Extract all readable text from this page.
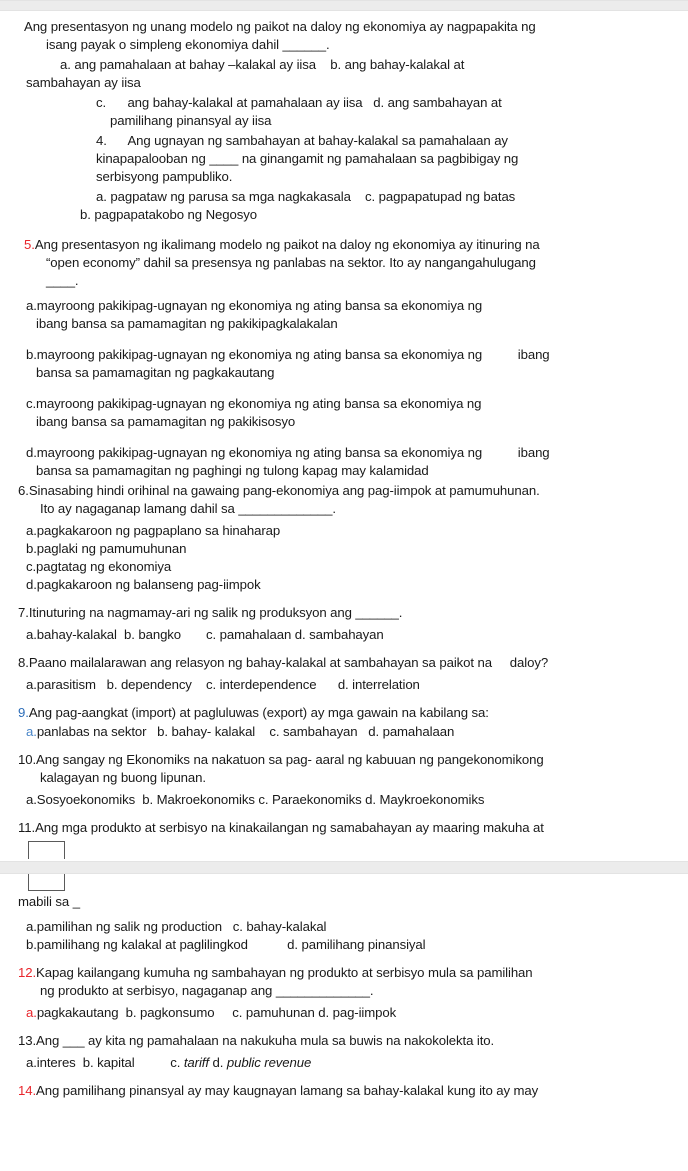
Ang presentasyon ng unang modelo ng paikot na daloy ng ekonomiya ay nagpapakita ng
isang payak o simpleng ekonomiya dahil ______.
a. ang pamahalaan at bahay –kalakal ay iisa    b. ang bahay-kalakal at
sambahayan ay iisa
c.      ang bahay-kalakal at pamahalaan ay iisa   d. ang sambahayan at
pamilihang pinansyal ay iisa
4.      Ang ugnayan ng sambahayan at bahay-kalakal sa pamahalaan ay
kinapapalooban ng ____ na ginangamit ng pamahalaan sa pagbibigay ng
serbisyong pampubliko.
a. pagpataw ng parusa sa mga nagkakasala    c. pagpapatupad ng batas
b. pagpapatakobo ng Negosyo
5.Ang presentasyon ng ikalimang modelo ng paikot na daloy ng ekonomiya ay itinuring na
“open economy” dahil sa presensya ng panlabas na sektor. Ito ay nangangahulugang
____.
a.mayroong pakikipag-ugnayan ng ekonomiya ng ating bansa sa ekonomiya ng
ibang bansa sa pamamagitan ng pakikipagkalakalan
b.mayroong pakikipag-ugnayan ng ekonomiya ng ating bansa sa ekonomiya ng          ibang
bansa sa pamamagitan ng pagkakautang
c.mayroong pakikipag-ugnayan ng ekonomiya ng ating bansa sa ekonomiya ng
ibang bansa sa pamamagitan ng pakikisosyo
d.mayroong pakikipag-ugnayan ng ekonomiya ng ating bansa sa ekonomiya ng          ibang
bansa sa pamamagitan ng paghingi ng tulong kapag may kalamidad
6.Sinasabing hindi orihinal na gawaing pang-ekonomiya ang pag-iimpok at pamumuhunan.
Ito ay nagaganap lamang dahil sa _____________.
a.pagkakaroon ng pagpaplano sa hinaharap
b.paglaki ng pamumuhunan
c.pagtatag ng ekonomiya
d.pagkakaroon ng balanseng pag-iimpok
7.Itinuturing na nagmamay-ari ng salik ng produksyon ang ______.
a.bahay-kalakal  b. bangko       c. pamahalaan d. sambahayan
8.Paano mailalarawan ang relasyon ng bahay-kalakal at sambahayan sa paikot na     daloy?
a.parasitism   b. dependency    c. interdependence      d. interrelation
9.Ang pag-aangkat (import) at pagluluwas (export) ay mga gawain na kabilang sa:
a.panlabas na sektor   b. bahay- kalakal    c. sambahayan   d. pamahalaan
10.Ang sangay ng Ekonomiks na nakatuon sa pag- aaral ng kabuuan ng pangekonomikong
kalagayan ng buong lipunan.
a.Sosyoekonomiks  b. Makroekonomiks c. Paraekonomiks d. Maykroekonomiks
11.Ang mga produkto at serbisyo na kinakailangan ng samabahayan ay maaring makuha at
mabili sa _
a.pamilihan ng salik ng production   c. bahay-kalakal
b.pamilihang ng kalakal at paglilingkod           d. pamilihang pinansiyal
12.Kapag kailangang kumuha ng sambahayan ng produkto at serbisyo mula sa pamilihan
ng produkto at serbisyo, nagaganap ang _____________.
a.pagkakautang  b. pagkonsumo     c. pamuhunan d. pag-iimpok
13.Ang ___ ay kita ng pamahalaan na nakukuha mula sa buwis na nakokolekta ito.
a.interes  b. kapital          c. tariff d. public revenue
14.Ang pamilihang pinansyal ay may kaugnayan lamang sa bahay-kalakal kung ito ay may
